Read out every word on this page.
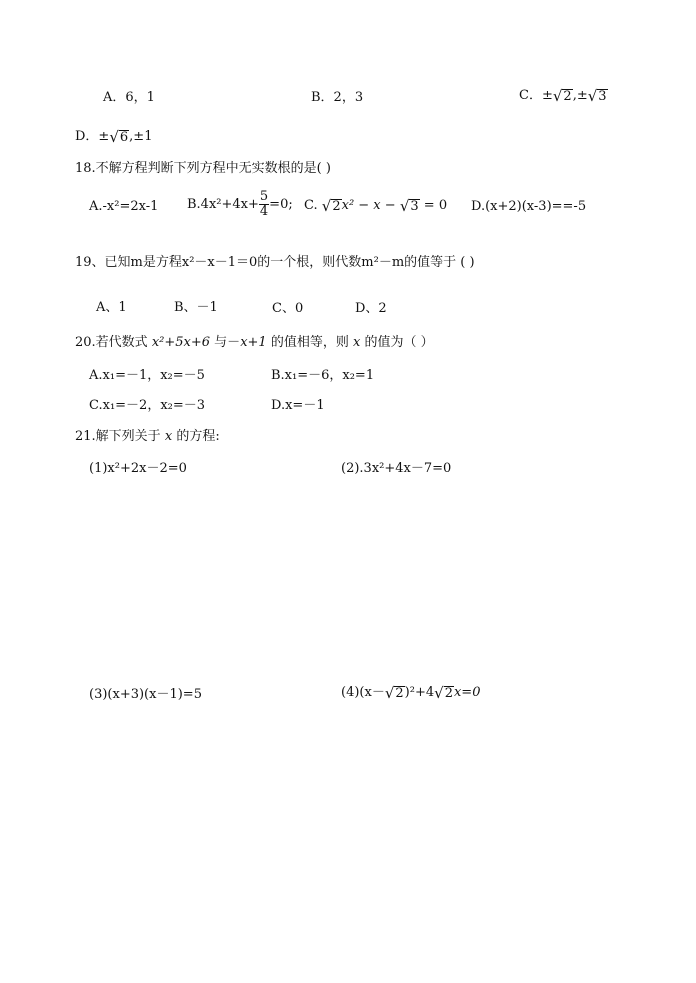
A．6，1	B．2，3	C．± √ 2 ,± √ 3
D．± √ 6 ,±1
18.不解方程判断下列方程中无实数根的是( )
A.-x²=2x-1 $B.4x^2+4x+ \frac{5}{4} =0$; C. √ 2 x² − x − √ 3 = 0 D.(x+2)(x-3)==-5
19、已知m是方程x²－x－1＝0的一个根，则代数m²－m的值等于 ( )
A、1	B、－1	C、0	D、2
20.若代数式 x²+5x+6 与－x+1 的值相等，则 x 的值为（ ）
A.x₁=－1，x₂=－5	B.x₁=－6，x₂=1
C.x₁=－2，x₂=－3	D.x=－1
21.解下列关于 x 的方程:
(1)x²+2x－2=0	(2).3x²+4x－7=0
(3)(x+3)(x－1)=5	(4)(x－ √ 2 )²+4 √ 2 x=0
